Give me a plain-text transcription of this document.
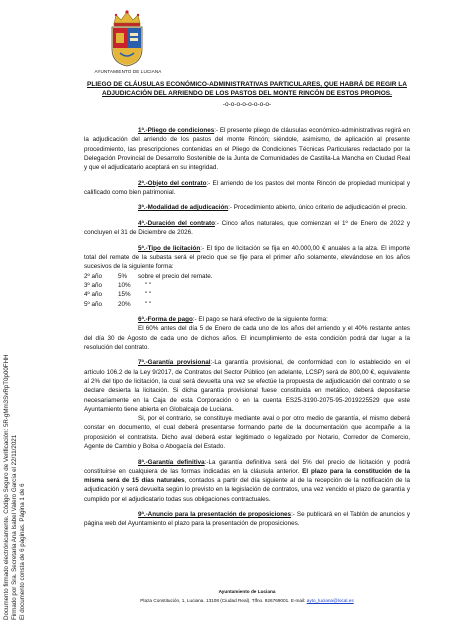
AYUNTAMIENTO DE LUCIANA
Documento firmado electrónicamente. Código Seguro de Verificación: 5R-gMm3SvRpT0p00FHH Firmado por Sra. Secretaria Ana Isabel Valero García el 22/11/2021 El documento consta de 6 páginas. Página 1 de 6
PLIEGO DE CLÁUSULAS ECONÓMICO-ADMINISTRATIVAS PARTICULARES, QUE HABRÁ DE REGIR LA
ADJUDICACIÓN DEL ARRIENDO DE LOS PASTOS DEL MONTE RINCÓN DE ESTOS PROPIOS.
-o-o-o-o-o-o-o-o-

1ª.-Pliego de condiciones:- El presente pliego de cláusulas económico-administrativas regirá en la adjudicación del arriendo de los pastos del monte Rincón; siéndole, asimismo, de aplicación al presente procedimiento, las prescripciones contenidas en el Pliego de Condiciones Técnicas Particulares redactado por la Delegación Provincial de Desarrollo Sostenible de la Junta de Comunidades de Castilla-La Mancha en Ciudad Real y que el adjudicatario aceptará en su integridad.

2ª.-Objeto del contrato:- El arriendo de los pastos del monte Rincón de propiedad municipal y calificado como bien patrimonial.

3ª.-Modalidad de adjudicación:- Procedimiento abierto, único criterio de adjudicación el precio.

4ª.-Duración del contrato:- Cinco años naturales, que comienzan el 1º de Enero de 2022 y concluyen el 31 de Diciembre de 2026.

5ª.-Tipo de licitación:- El tipo de licitación se fija en 40.000,00 € anuales a la alza. El importe total del remate de la subasta será el precio que se fije para el primer año solamente, elevándose en los años sucesivos de la siguiente forma:

2º año	5% sobre el precio del remate.
3º año	10% " "
4º año	15% " "
5º año	20% " "

6ª.-Forma de pago:- El pago se hará efectivo de la siguiente forma:

El 60% antes del día 5 de Enero de cada uno de los años del arriendo y el 40% restante antes del día 30 de Agosto de cada uno de dichos años. El incumplimiento de esta condición podrá dar lugar a la resolución del contrato.

7ª.-Garantía provisional:-La garantía provisional, de conformidad con lo establecido en el artículo 106.2 de la Ley 9/2017, de Contratos del Sector Público (en adelante, LCSP) será de 800,00 €, equivalente al 2% del tipo de licitación, la cual será devuelta una vez se efectúe la propuesta de adjudicación del contrato o se declare desierta la licitación. Si dicha garantía provisional fuese constituida en metálico, deberá depositarse necesariamente en la Caja de esta Corporación o en la cuenta ES25-3190-2075-95-2019225529 que este Ayuntamiento tiene abierta en Globalcaja de Luciana.

Si, por el contrario, se constituye mediante aval o por otro medio de garantía, el mismo deberá constar en documento, el cual deberá presentarse formando parte de la documentación que acompañe a la proposición el contratista. Dicho aval deberá estar legitimado o legalizado por Notario, Corredor de Comercio, Agente de Cambio y Bolsa o Abogacía del Estado.

8ª.-Garantía definitiva:-La garantía definitiva será del 5% del precio de licitación y podrá constituirse en cualquiera de las formas indicadas en la cláusula anterior. El plazo para la constitución de la misma será de 15 días naturales, contados a partir del día siguiente al de la recepción de la notificación de la adjudicación y será devuelta según lo previsto en la legislación de contratos, una vez vencido el plazo de garantía y cumplido por el adjudicatario todas sus obligaciones contractuales.

9ª.-Anuncio para la presentación de proposiciones:- Se publicará en el Tablón de anuncios y página web del Ayuntamiento el plazo para la presentación de proposiciones.

Ayuntamiento de Luciana
Plaza Constitución, 1, Luciana. 13108 (Ciudad Real). Tlfno. 926769001. E-mail: ayto_luciana@local.es
